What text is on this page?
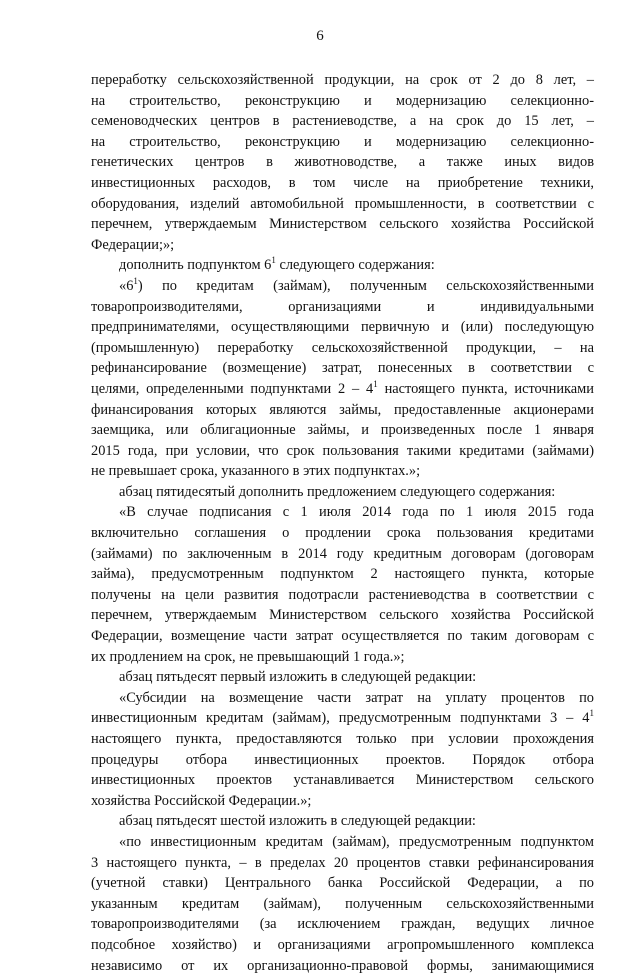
6
переработку сельскохозяйственной продукции, на срок от 2 до 8 лет, –
на строительство, реконструкцию и модернизацию селекционно-
семеноводческих центров в растениеводстве, а на срок до 15 лет, –
на строительство, реконструкцию и модернизацию селекционно-
генетических центров в животноводстве, а также иных видов
инвестиционных расходов, в том числе на приобретение техники,
оборудования, изделий автомобильной промышленности, в соответствии с
перечнем, утверждаемым Министерством сельского хозяйства Российской
Федерации;»;
дополнить подпунктом $6^1$ следующего содержания:
«$6^1$) по кредитам (займам), полученным сельскохозяйственными
товаропроизводителями, организациями и индивидуальными
предпринимателями, осуществляющими первичную и (или) последующую
(промышленную) переработку сельскохозяйственной продукции, – на
рефинансирование (возмещение) затрат, понесенных в соответствии с
целями, определенными подпунктами $2 - 4^1$ настоящего пункта, источниками
финансирования которых являются займы, предоставленные акционерами
заемщика, или облигационные займы, и произведенных после 1 января
2015 года, при условии, что срок пользования такими кредитами (займами)
не превышает срока, указанного в этих подпунктах.»;
абзац пятидесятый дополнить предложением следующего содержания:
«В случае подписания с 1 июля 2014 года по 1 июля 2015 года
включительно соглашения о продлении срока пользования кредитами
(займами) по заключенным в 2014 году кредитным договорам (договорам
займа), предусмотренным подпунктом 2 настоящего пункта, которые
получены на цели развития подотрасли растениеводства в соответствии с
перечнем, утверждаемым Министерством сельского хозяйства Российской
Федерации, возмещение части затрат осуществляется по таким договорам с
их продлением на срок, не превышающий 1 года.»;
абзац пятьдесят первый изложить в следующей редакции:
«Субсидии на возмещение части затрат на уплату процентов по
инвестиционным кредитам (займам), предусмотренным подпунктами $3 - 4^1$
настоящего пункта, предоставляются только при условии прохождения
процедуры отбора инвестиционных проектов. Порядок отбора
инвестиционных проектов устанавливается Министерством сельского
хозяйства Российской Федерации.»;
абзац пятьдесят шестой изложить в следующей редакции:
«по инвестиционным кредитам (займам), предусмотренным подпунктом
3 настоящего пункта, – в пределах 20 процентов ставки рефинансирования
(учетной ставки) Центрального банка Российской Федерации, а по
указанным кредитам (займам), полученным сельскохозяйственными
товаропроизводителями (за исключением граждан, ведущих личное
подсобное хозяйство) и организациями агропромышленного комплекса
независимо от их организационно-правовой формы, занимающимися
